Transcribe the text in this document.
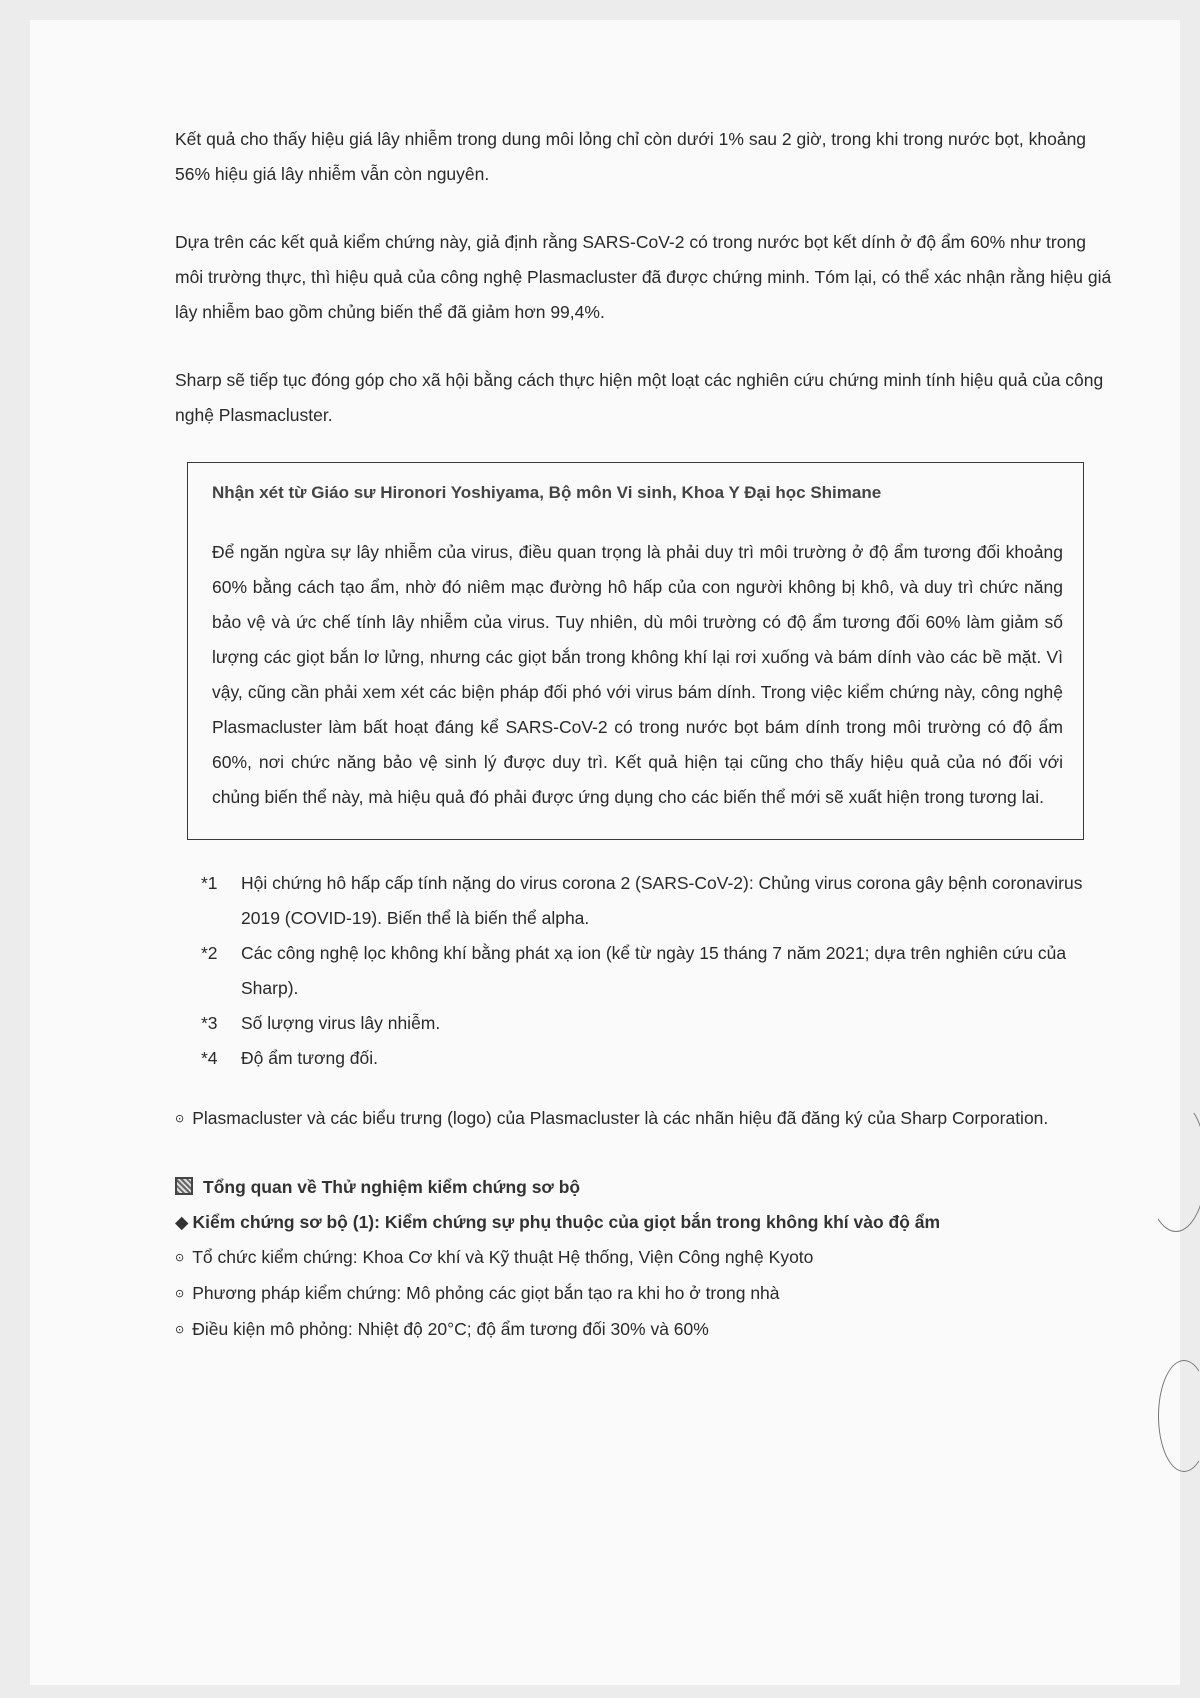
Kết quả cho thấy hiệu giá lây nhiễm trong dung môi lỏng chỉ còn dưới 1% sau 2 giờ, trong khi trong nước bọt, khoảng 56% hiệu giá lây nhiễm vẫn còn nguyên.

Dựa trên các kết quả kiểm chứng này, giả định rằng SARS-CoV-2 có trong nước bọt kết dính ở độ ẩm 60% như trong môi trường thực, thì hiệu quả của công nghệ Plasmacluster đã được chứng minh. Tóm lại, có thể xác nhận rằng hiệu giá lây nhiễm bao gồm chủng biến thể đã giảm hơn 99,4%.

Sharp sẽ tiếp tục đóng góp cho xã hội bằng cách thực hiện một loạt các nghiên cứu chứng minh tính hiệu quả của công nghệ Plasmacluster.

Nhận xét từ Giáo sư Hironori Yoshiyama, Bộ môn Vi sinh, Khoa Y Đại học Shimane
Để ngăn ngừa sự lây nhiễm của virus, điều quan trọng là phải duy trì môi trường ở độ ẩm tương đối khoảng 60% bằng cách tạo ẩm, nhờ đó niêm mạc đường hô hấp của con người không bị khô, và duy trì chức năng bảo vệ và ức chế tính lây nhiễm của virus. Tuy nhiên, dù môi trường có độ ẩm tương đối 60% làm giảm số lượng các giọt bắn lơ lửng, nhưng các giọt bắn trong không khí lại rơi xuống và bám dính vào các bề mặt. Vì vậy, cũng cần phải xem xét các biện pháp đối phó với virus bám dính. Trong việc kiểm chứng này, công nghệ Plasmacluster làm bất hoạt đáng kể SARS-CoV-2 có trong nước bọt bám dính trong môi trường có độ ẩm 60%, nơi chức năng bảo vệ sinh lý được duy trì. Kết quả hiện tại cũng cho thấy hiệu quả của nó đối với chủng biến thể này, mà hiệu quả đó phải được ứng dụng cho các biến thể mới sẽ xuất hiện trong tương lai.
*1	Hội chứng hô hấp cấp tính nặng do virus corona 2 (SARS-CoV-2): Chủng virus corona gây bệnh coronavirus 2019 (COVID-19). Biến thể là biến thể alpha.
*2	Các công nghệ lọc không khí bằng phát xạ ion (kể từ ngày 15 tháng 7 năm 2021; dựa trên nghiên cứu của Sharp).
*3	Số lượng virus lây nhiễm.
*4	Độ ẩm tương đối.
⊙ Plasmacluster và các biểu trưng (logo) của Plasmacluster là các nhãn hiệu đã đăng ký của Sharp Corporation.
Tổng quan về Thử nghiệm kiểm chứng sơ bộ
◆ Kiểm chứng sơ bộ (1): Kiểm chứng sự phụ thuộc của giọt bắn trong không khí vào độ ẩm
⊙ Tổ chức kiểm chứng: Khoa Cơ khí và Kỹ thuật Hệ thống, Viện Công nghệ Kyoto
⊙ Phương pháp kiểm chứng: Mô phỏng các giọt bắn tạo ra khi ho ở trong nhà
⊙ Điều kiện mô phỏng: Nhiệt độ 20°C; độ ẩm tương đối 30% và 60%
